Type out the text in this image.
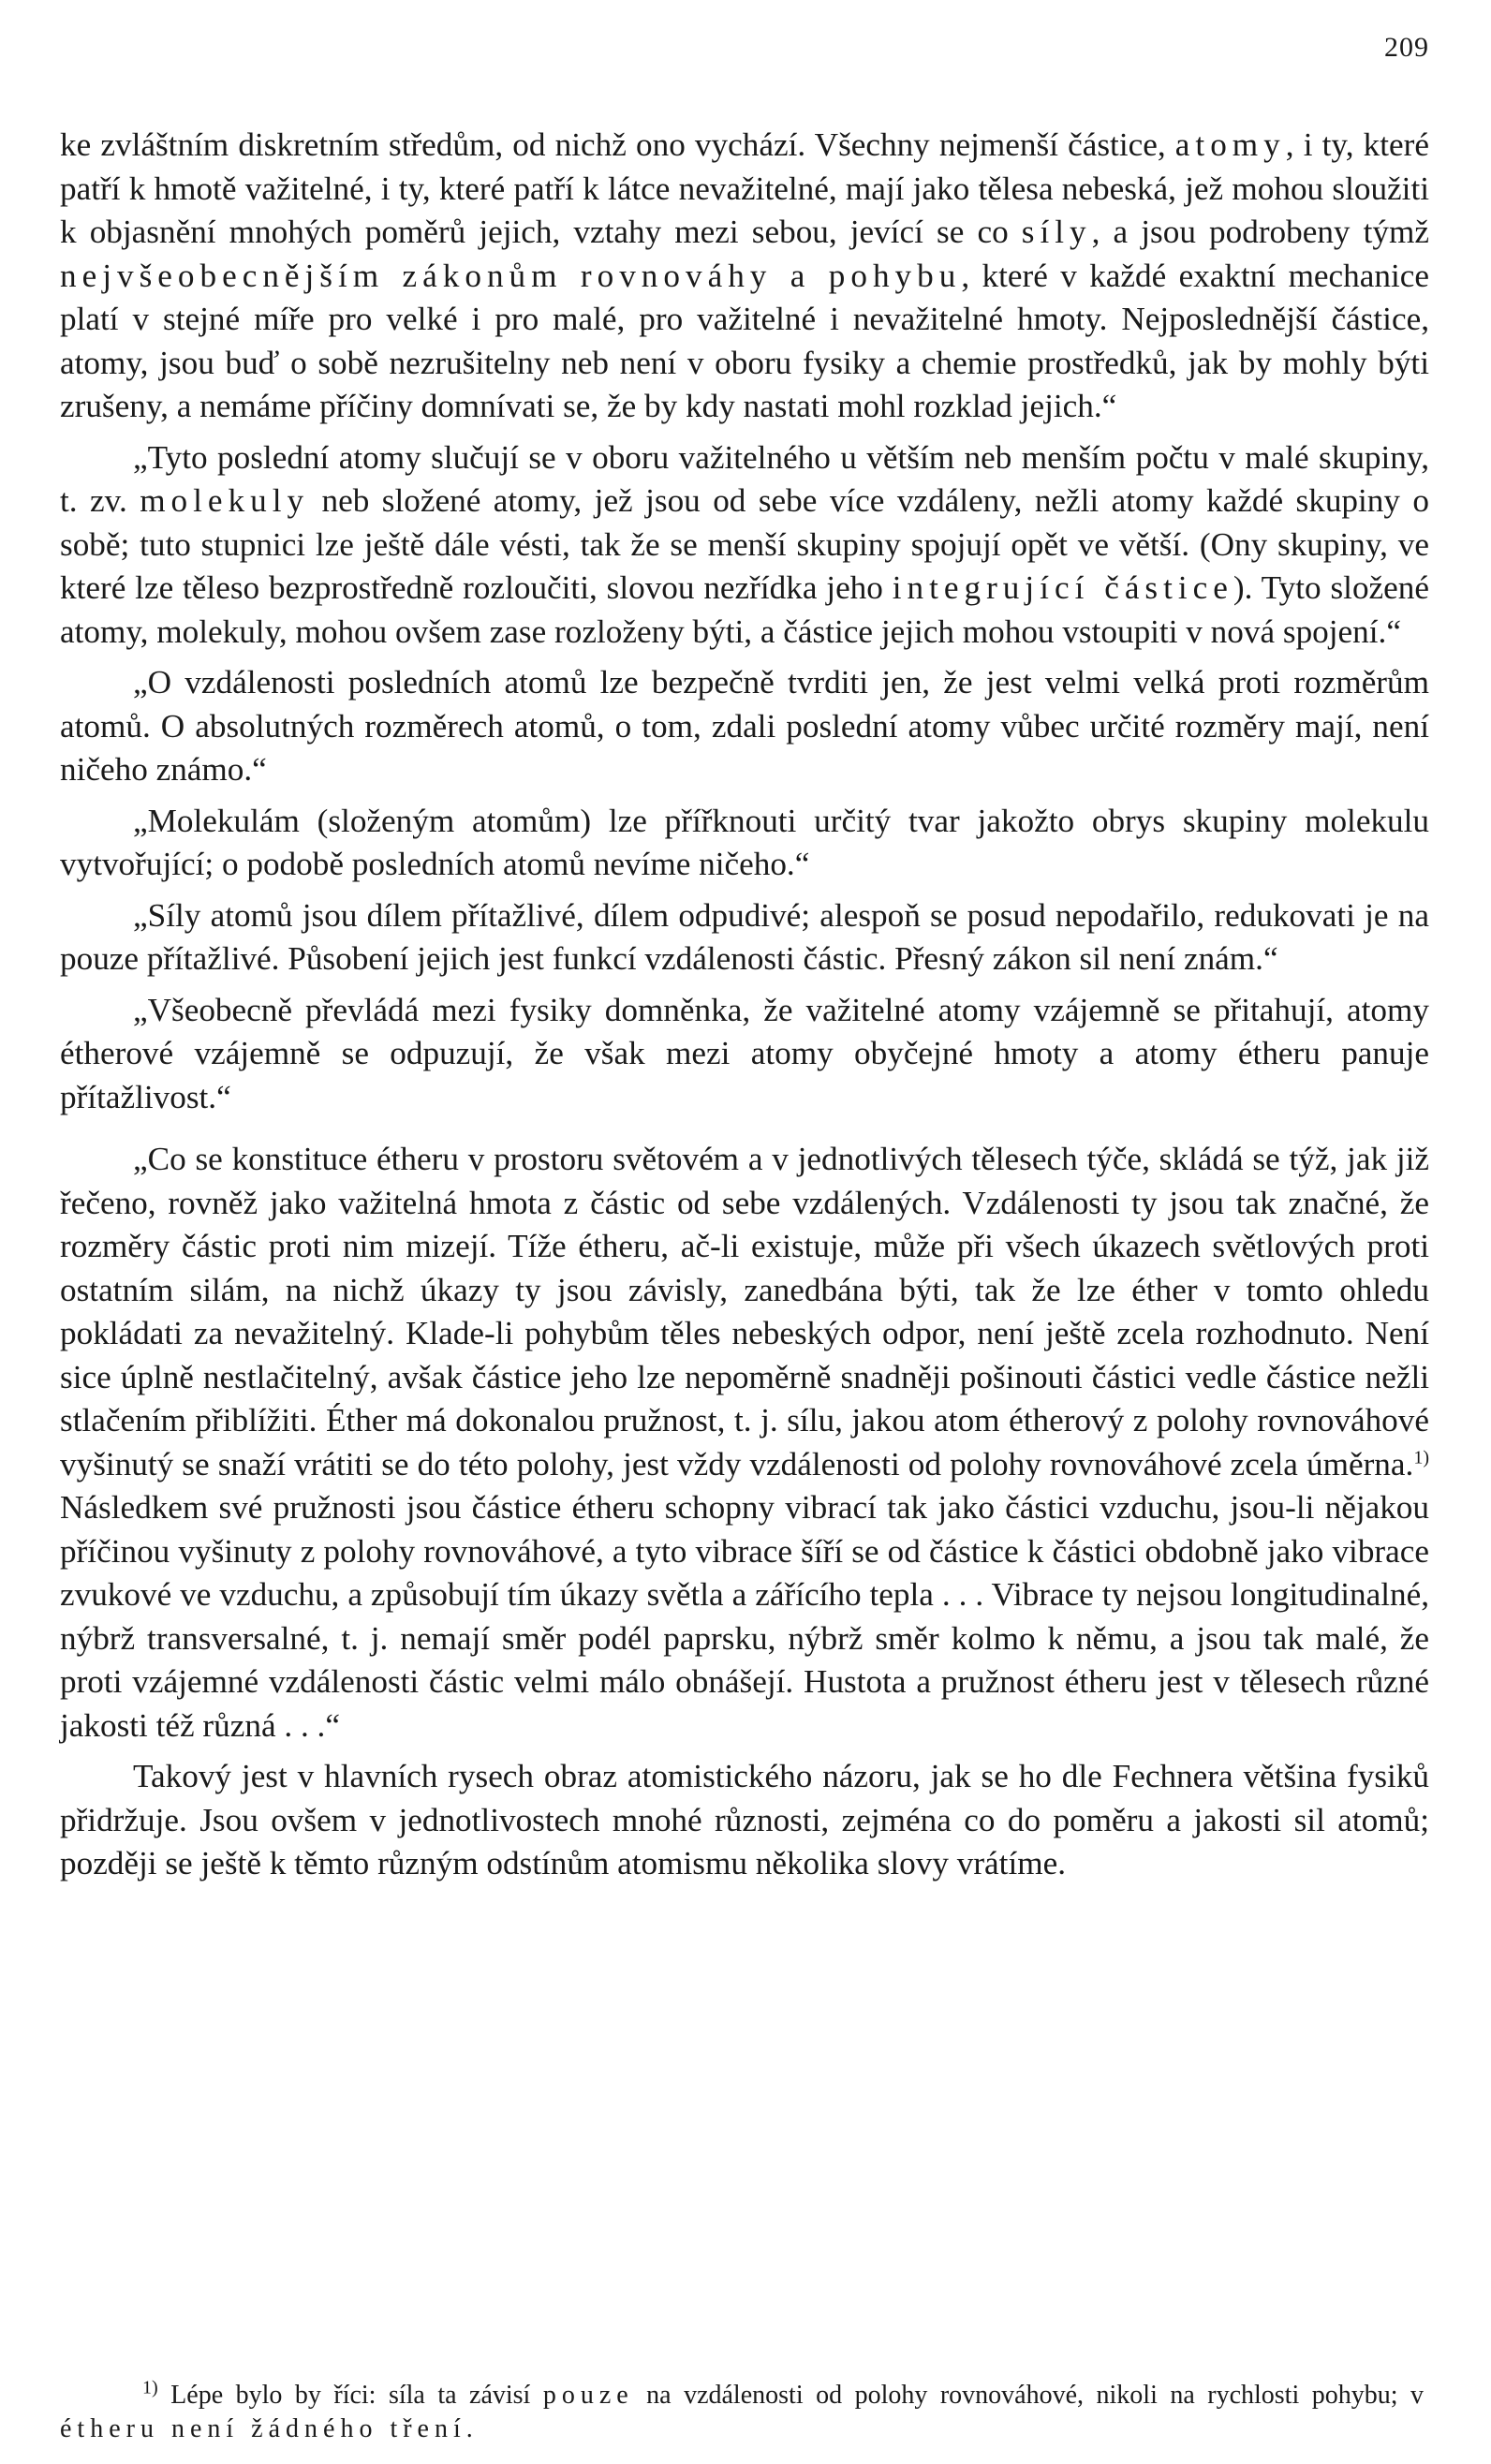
209

ke zvláštním diskretním středům, od nichž ono vychází. Všechny nejmenší částice, atomy, i ty, které patří k hmotě važitelné, i ty, které patří k látce nevažitelné, mají jako tělesa nebeská, jež mohou sloužiti k objasnění mnohých poměrů jejich, vztahy mezi sebou, jevící se co síly, a jsou podrobeny týmž nejvšeobecnějším zákonům rovnováhy a pohybu, které v každé exaktní mechanice platí v stejné míře pro velké i pro malé, pro važitelné i nevažitelné hmoty. Nejposlednější částice, atomy, jsou buď o sobě nezrušitelny neb není v oboru fysiky a chemie prostředků, jak by mohly býti zrušeny, a nemáme příčiny domnívati se, že by kdy nastati mohl rozklad jejich.“

„Tyto poslední atomy slučují se v oboru važitelného u větším neb menším počtu v malé skupiny, t. zv. molekuly neb složené atomy, jež jsou od sebe více vzdáleny, nežli atomy každé skupiny o sobě; tuto stupnici lze ještě dále vésti, tak že se menší skupiny spojují opět ve větší. (Ony skupiny, ve které lze těleso bezprostředně rozloučiti, slovou nezřídka jeho integrující částice). Tyto složené atomy, molekuly, mohou ovšem zase rozloženy býti, a částice jejich mohou vstoupiti v nová spojení.“

„O vzdálenosti posledních atomů lze bezpečně tvrditi jen, že jest velmi velká proti rozměrům atomů. O absolutných rozměrech atomů, o tom, zdali poslední atomy vůbec určité rozměry mají, není ničeho známo.“

„Molekulám (složeným atomům) lze přířknouti určitý tvar jakožto obrys skupiny molekulu vytvořující; o podobě posledních atomů nevíme ničeho.“

„Síly atomů jsou dílem přítažlivé, dílem odpudivé; alespoň se posud nepodařilo, redukovati je na pouze přítažlivé. Působení jejich jest funkcí vzdálenosti částic. Přesný zákon sil není znám.“

„Všeobecně převládá mezi fysiky domněnka, že važitelné atomy vzájemně se přitahují, atomy étherové vzájemně se odpuzují, že však mezi atomy obyčejné hmoty a atomy étheru panuje přítažlivost.“

„Co se konstituce étheru v prostoru světovém a v jednotlivých tělesech týče, skládá se týž, jak již řečeno, rovněž jako važitelná hmota z částic od sebe vzdálených. Vzdálenosti ty jsou tak značné, že rozměry částic proti nim mizejí. Tíže étheru, ač-li existuje, může při všech úkazech světlových proti ostatním silám, na nichž úkazy ty jsou závisly, zanedbána býti, tak že lze éther v tomto ohledu pokládati za nevažitelný. Klade-li pohybům těles nebeských odpor, není ještě zcela rozhodnuto. Není sice úplně nestlačitelný, avšak částice jeho lze nepoměrně snadněji pošinouti částici vedle částice nežli stlačením přiblížiti. Éther má dokonalou pružnost, t. j. sílu, jakou atom étherový z polohy rovnováhové vyšinutý se snaží vrátiti se do této polohy, jest vždy vzdálenosti od polohy rovnováhové zcela úměrna.$^{1)}$ Následkem své pružnosti jsou částice étheru schopny vibrací tak jako částici vzduchu, jsou-li nějakou příčinou vyšinuty z polohy rovnováhové, a tyto vibrace šíří se od částice k částici obdobně jako vibrace zvukové ve vzduchu, a způsobují tím úkazy světla a zářícího tepla . . . Vibrace ty nejsou longitudinalné, nýbrž transversalné, t. j. nemají směr podél paprsku, nýbrž směr kolmo k němu, a jsou tak malé, že proti vzájemné vzdálenosti částic velmi málo obnášejí. Hustota a pružnost étheru jest v tělesech různé jakosti též různá . . .“

Takový jest v hlavních rysech obraz atomistického názoru, jak se ho dle Fechnera většina fysiků přidržuje. Jsou ovšem v jednotlivostech mnohé různosti, zejména co do poměru a jakosti sil atomů; později se ještě k těmto různým odstínům atomismu několika slovy vrátíme.

$^{1)}$ Lépe bylo by říci: síla ta závisí pouze na vzdálenosti od polohy rovnováhové, nikoli na rychlosti pohybu; v étheru není žádného tření.
